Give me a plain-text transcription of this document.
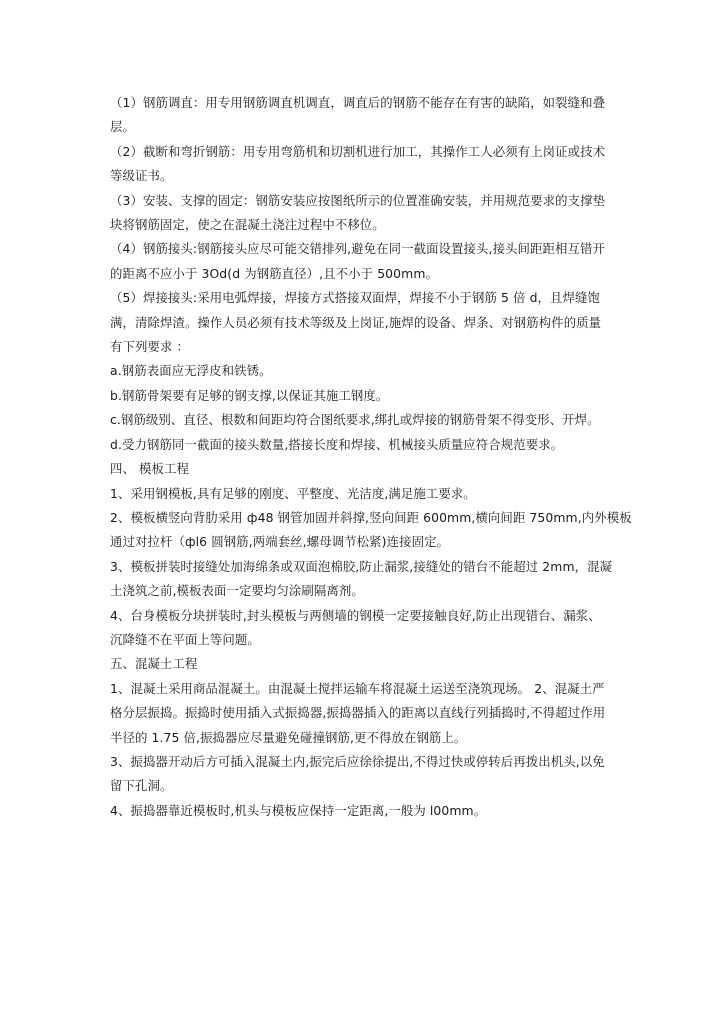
（1）钢筋调直：用专用钢筋调直机调直，调直后的钢筋不能存在有害的缺陷，如裂缝和叠
层。
（2）截断和弯折钢筋：用专用弯筋机和切割机进行加工，其操作工人必须有上岗证或技术
等级证书。
（3）安装、支撑的固定：钢筋安装应按图纸所示的位置准确安装，并用规范要求的支撑垫
块将钢筋固定，使之在混凝土浇注过程中不移位。
（4）钢筋接头:钢筋接头应尽可能交错排列,避免在同一截面设置接头,接头间距距相互错开
的距离不应小于 3Od(d 为钢筋直径）,且不小于 500mm。
（5）焊接接头:采用电弧焊接，焊接方式搭接双面焊，焊接不小于钢筋 5 倍 d，且焊缝饱
满，清除焊渣。操作人员必须有技术等级及上岗证,施焊的设备、焊条、对钢筋构件的质量
有下列要求 ：
a.钢筋表面应无浮皮和铁锈。
b.钢筋骨架要有足够的钢支撑,以保证其施工钢度。
c.钢筋级别、直径、根数和间距均符合图纸要求,绑扎或焊接的钢筋骨架不得变形、开焊。
d.受力钢筋同一截面的接头数量,搭接长度和焊接、机械接头质量应符合规范要求。
四、 模板工程
1、采用钢模板,具有足够的刚度、平整度、光洁度,满足施工要求。
2、模板横竖向背肋采用 ф48 钢管加固并斜撑,竖向间距 600mm,横向间距 750mm,内外模板
通过对拉杆（фl6 圆钢筋,两端套丝,螺母调节松紧)连接固定。
3、模板拼装时接缝处加海绵条或双面泡棉胶,防止漏浆,接缝处的错台不能超过 2mm，混凝
土浇筑之前,模板表面一定要均匀涂刷隔离剂。
4、台身模板分块拼装时,封头模板与两侧墙的钢模一定要接触良好,防止出现错台、漏浆、
沉降缝不在平面上等问题。
五、混凝土工程
1、混凝土采用商品混凝土。由混凝土搅拌运输车将混凝土运送至浇筑现场。 2、混凝土严
格分层振捣。振捣时使用插入式振捣器,振捣器插入的距离以直线行列插捣时,不得超过作用
半径的 1.75 倍,振捣器应尽量避免碰撞钢筋,更不得放在钢筋上。
3、振捣器开动后方可插入混凝土内,振完后应徐徐提出,不得过快或停转后再拨出机头,以免
留下孔洞。
4、振捣器靠近模板时,机头与模板应保持一定距离,一般为 l00mm。
